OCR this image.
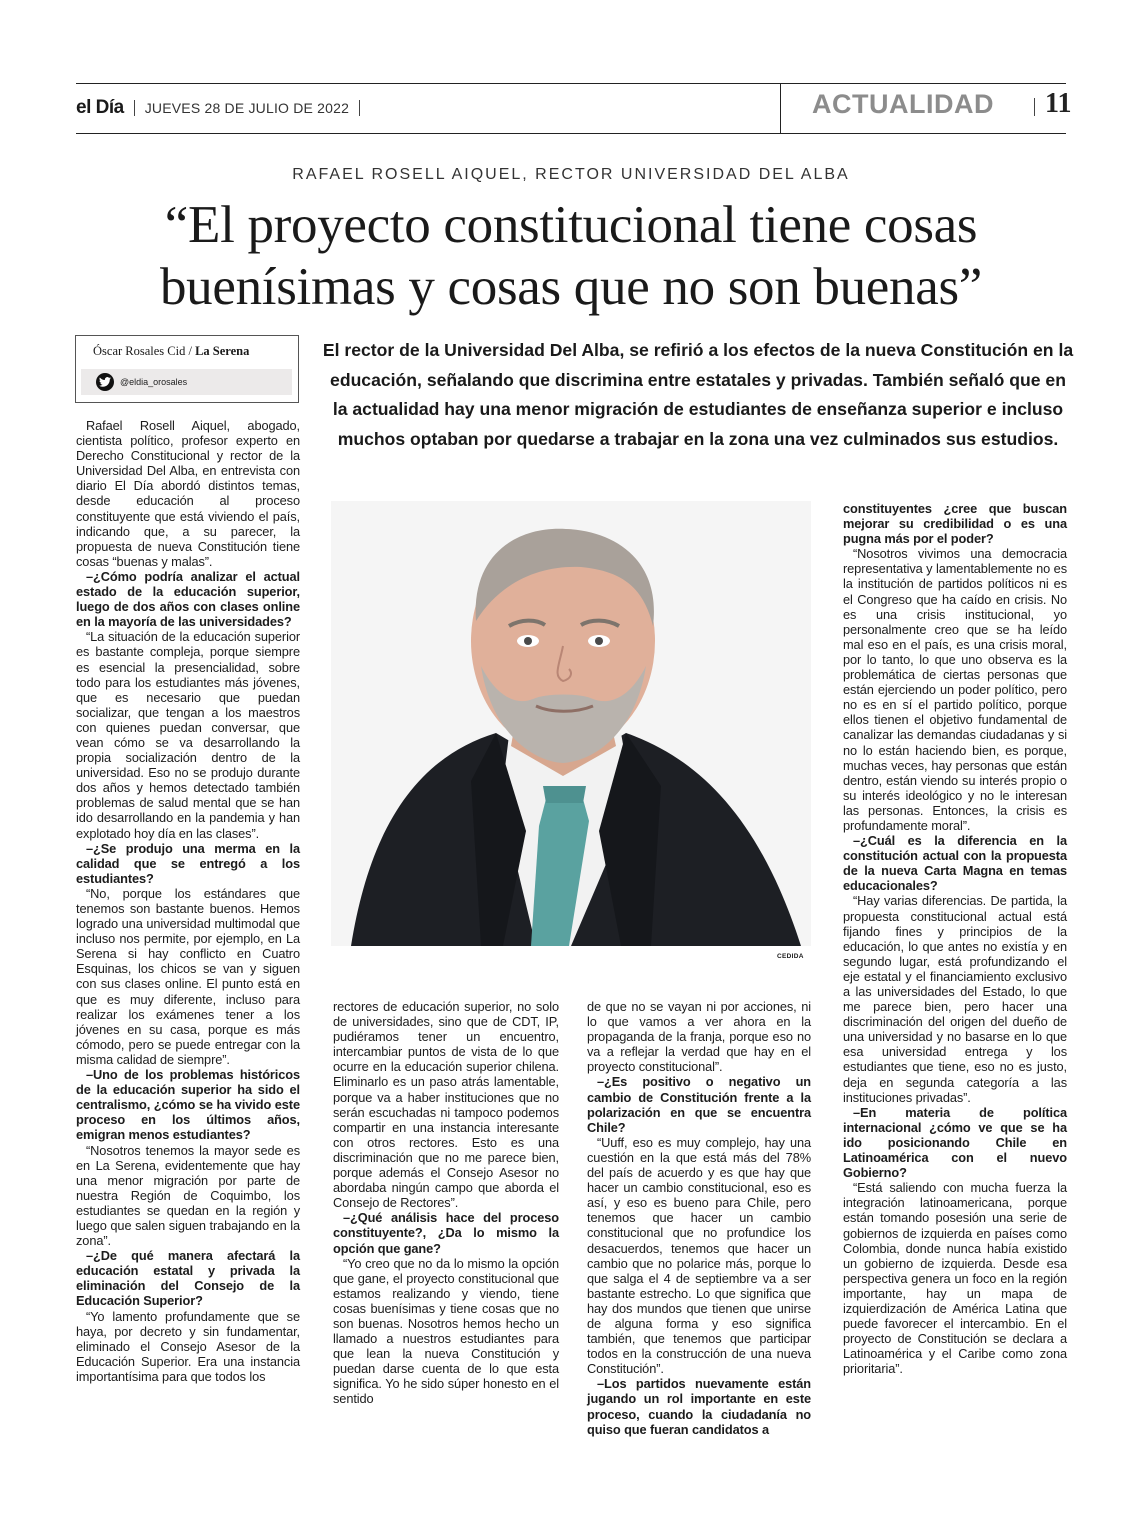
el Día JUEVES 28 DE JULIO DE 2022	ACTUALIDAD 11
RAFAEL ROSELL AIQUEL, RECTOR UNIVERSIDAD DEL ALBA
“El proyecto constitucional tiene cosas
buenísimas y cosas que no son buenas”
Óscar Rosales Cid / La Serena
@eldia_orosales
El rector de la Universidad Del Alba, se refirió a los efectos de la nueva Constitución en la educación, señalando que discrimina entre estatales y privadas. También señaló que en la actualidad hay una menor migración de estudiantes de enseñanza superior e incluso muchos optaban por quedarse a trabajar en la zona una vez culminados sus estudios.
CEDIDA

Rafael Rosell Aiquel, abogado, cientista político, profesor experto en Derecho Constitucional y rector de la Universidad Del Alba, en entrevista con diario El Día abordó distintos temas, desde educación al proceso constituyente que está viviendo el país, indicando que, a su parecer, la propuesta de nueva Constitución tiene cosas “buenas y malas”.

–¿Cómo podría analizar el actual estado de la educación superior, luego de dos años con clases online en la mayoría de las universidades?

“La situación de la educación superior es bastante compleja, porque siempre es esencial la presencialidad, sobre todo para los estudiantes más jóvenes, que es necesario que puedan socializar, que tengan a los maestros con quienes puedan conversar, que vean cómo se va desarrollando la propia socialización dentro de la universidad. Eso no se produjo durante dos años y hemos detectado también problemas de salud mental que se han ido desarrollando en la pandemia y han explotado hoy día en las clases”.

–¿Se produjo una merma en la calidad que se entregó a los estudiantes?

“No, porque los estándares que tenemos son bastante buenos. Hemos logrado una universidad multimodal que incluso nos permite, por ejemplo, en La Serena si hay conflicto en Cuatro Esquinas, los chicos se van y siguen con sus clases online. El punto está en que es muy diferente, incluso para realizar los exámenes tener a los jóvenes en su casa, porque es más cómodo, pero se puede entregar con la misma calidad de siempre”.

–Uno de los problemas históricos de la educación superior ha sido el centralismo, ¿cómo se ha vivido este proceso en los últimos años, emigran menos estudiantes?

“Nosotros tenemos la mayor sede es en La Serena, evidentemente que hay una menor migración por parte de nuestra Región de Coquimbo, los estudiantes se quedan en la región y luego que salen siguen trabajando en la zona”.

–¿De qué manera afectará la educación estatal y privada la eliminación del Consejo de la Educación Superior?

“Yo lamento profundamente que se haya, por decreto y sin fundamentar, eliminado el Consejo Asesor de la Educación Superior. Era una instancia importantísima para que todos los

rectores de educación superior, no solo de universidades, sino que de CDT, IP, pudiéramos tener un encuentro, intercambiar puntos de vista de lo que ocurre en la educación superior chilena. Eliminarlo es un paso atrás lamentable, porque va a haber instituciones que no serán escuchadas ni tampoco podemos compartir en una instancia interesante con otros rectores. Esto es una discriminación que no me parece bien, porque además el Consejo Asesor no abordaba ningún campo que aborda el Consejo de Rectores”.

–¿Qué análisis hace del proceso constituyente?, ¿Da lo mismo la opción que gane?

“Yo creo que no da lo mismo la opción que gane, el proyecto constitucional que estamos realizando y viendo, tiene cosas buenísimas y tiene cosas que no son buenas. Nosotros hemos hecho un llamado a nuestros estudiantes para que lean la nueva Constitución y puedan darse cuenta de lo que esta significa. Yo he sido súper honesto en el sentido

de que no se vayan ni por acciones, ni lo que vamos a ver ahora en la propaganda de la franja, porque eso no va a reflejar la verdad que hay en el proyecto constitucional”.

–¿Es positivo o negativo un cambio de Constitución frente a la polarización en que se encuentra Chile?

“Uuff, eso es muy complejo, hay una cuestión en la que está más del 78% del país de acuerdo y es que hay que hacer un cambio constitucional, eso es así, y eso es bueno para Chile, pero tenemos que hacer un cambio constitucional que no profundice los desacuerdos, tenemos que hacer un cambio que no polarice más, porque lo que salga el 4 de septiembre va a ser bastante estrecho. Lo que significa que hay dos mundos que tienen que unirse de alguna forma y eso significa también, que tenemos que participar todos en la construcción de una nueva Constitución”.

–Los partidos nuevamente están jugando un rol importante en este proceso, cuando la ciudadanía no quiso que fueran candidatos a

constituyentes ¿cree que buscan mejorar su credibilidad o es una pugna más por el poder?

“Nosotros vivimos una democracia representativa y lamentablemente no es la institución de partidos políticos ni es el Congreso que ha caído en crisis. No es una crisis institucional, yo personalmente creo que se ha leído mal eso en el país, es una crisis moral, por lo tanto, lo que uno observa es la problemática de ciertas personas que están ejerciendo un poder político, pero no es en sí el partido político, porque ellos tienen el objetivo fundamental de canalizar las demandas ciudadanas y si no lo están haciendo bien, es porque, muchas veces, hay personas que están dentro, están viendo su interés propio o su interés ideológico y no le interesan las personas. Entonces, la crisis es profundamente moral”.

–¿Cuál es la diferencia en la constitución actual con la propuesta de la nueva Carta Magna en temas educacionales?

“Hay varias diferencias. De partida, la propuesta constitucional actual está fijando fines y principios de la educación, lo que antes no existía y en segundo lugar, está profundizando el eje estatal y el financiamiento exclusivo a las universidades del Estado, lo que me parece bien, pero hacer una discriminación del origen del dueño de una universidad y no basarse en lo que esa universidad entrega y los estudiantes que tiene, eso no es justo, deja en segunda categoría a las instituciones privadas”.

–En materia de política internacional ¿cómo ve que se ha ido posicionando Chile en Latinoamérica con el nuevo Gobierno?

“Está saliendo con mucha fuerza la integración latinoamericana, porque están tomando posesión una serie de gobiernos de izquierda en países como Colombia, donde nunca había existido un gobierno de izquierda. Desde esa perspectiva genera un foco en la región importante, hay un mapa de izquierdización de América Latina que puede favorecer el intercambio. En el proyecto de Constitución se declara a Latinoamérica y el Caribe como zona prioritaria”.
